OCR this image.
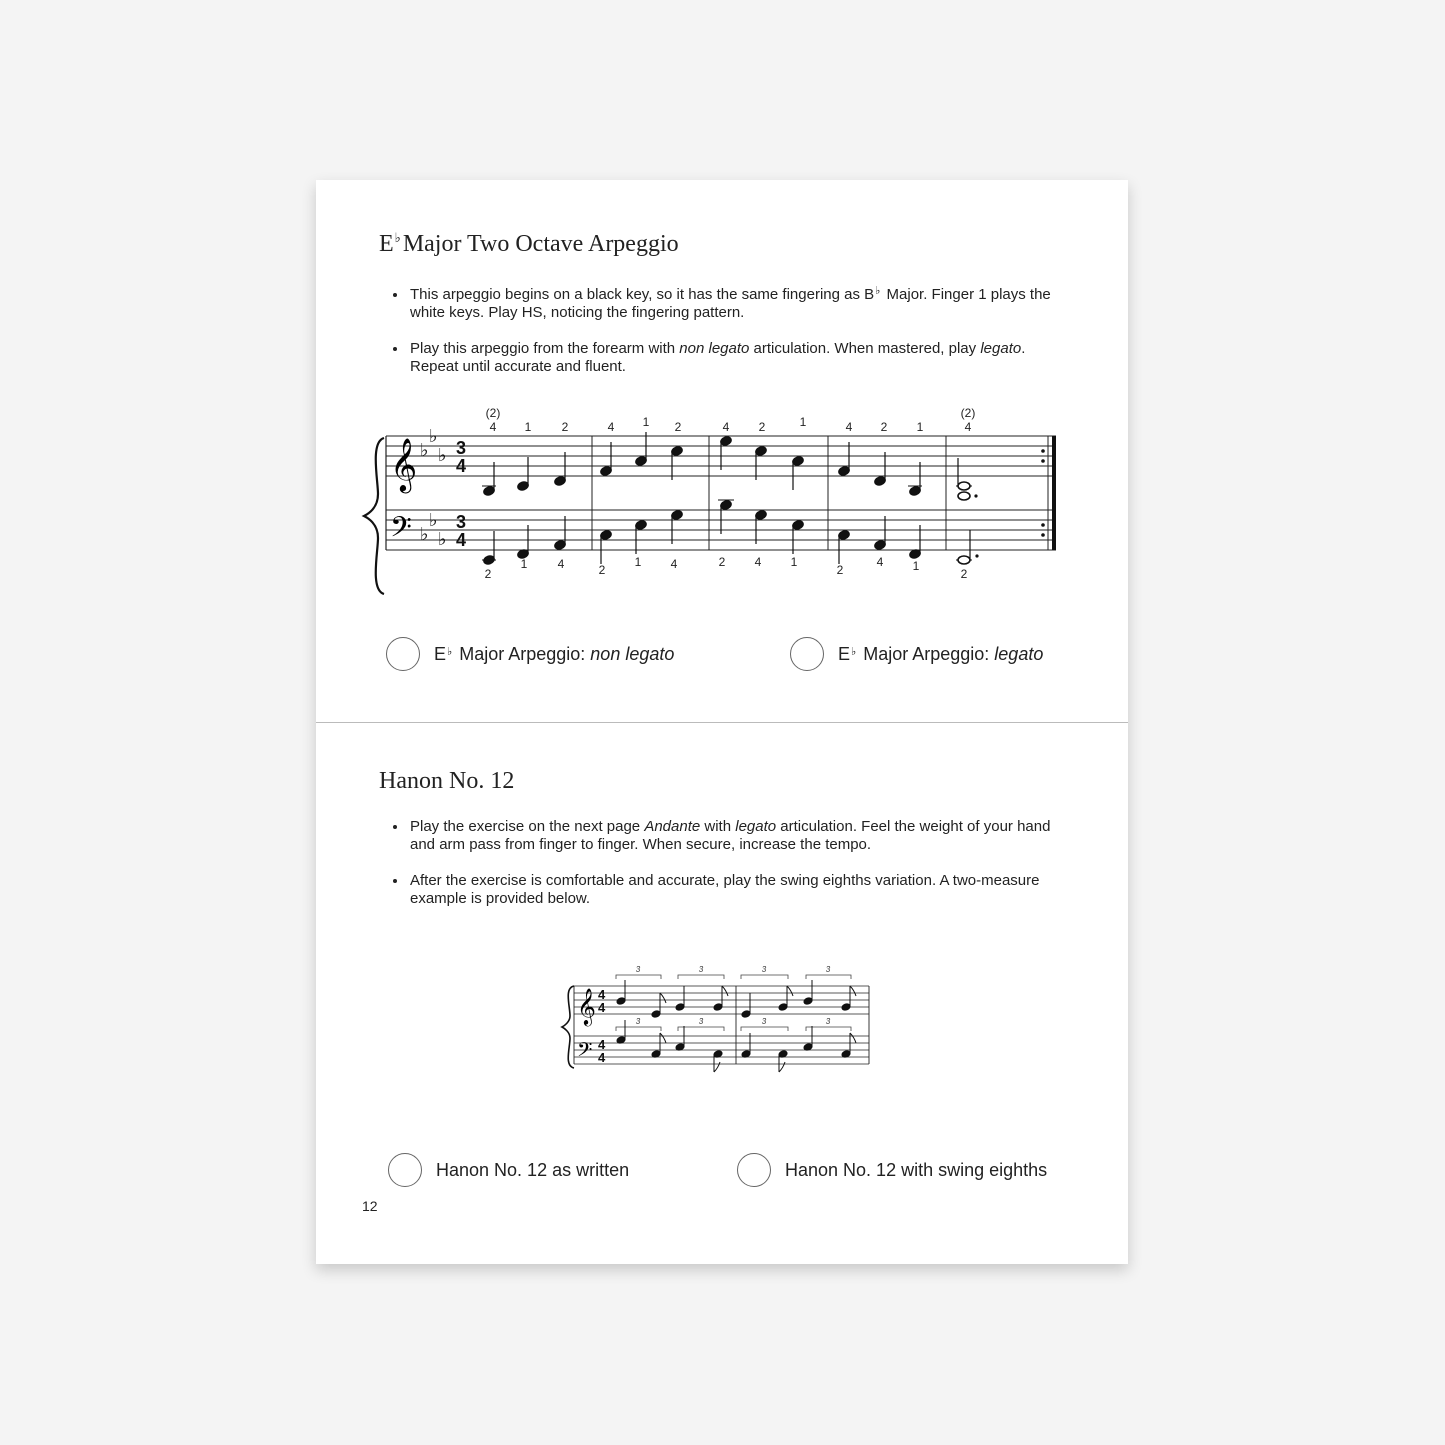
E♭Major Two Octave Arpeggio
• This arpeggio begins on a black key, so it has the same fingering as B♭ Major. Finger 1 plays the white keys. Play HS, noticing the fingering pattern.
• Play this arpeggio from the forearm with non legato articulation. When mastered, play legato. Repeat until accurate and fluent.
𝄞
𝄢
♭
♭
♭
♭
♭
♭
3
4
3
4
(2)
4 1	2	4 1 2	4 2	1	4 2 1
(2)
4
2
1	4	2
1 4	2 4 1
2
4 1
2
E♭ Major Arpeggio: non legato	E♭ Major Arpeggio: legato
Hanon No. 12
• Play the exercise on the next page Andante with legato articulation. Feel the weight of your hand and arm pass from finger to finger. When secure, increase the tempo.
• After the exercise is comfortable and accurate, play the swing eighths variation. A two-measure example is provided below.
𝄞
𝄢
4
4
4
4
3	3	3	3
3	3	3	3
Hanon No. 12 as written	Hanon No. 12 with swing eighths
12
